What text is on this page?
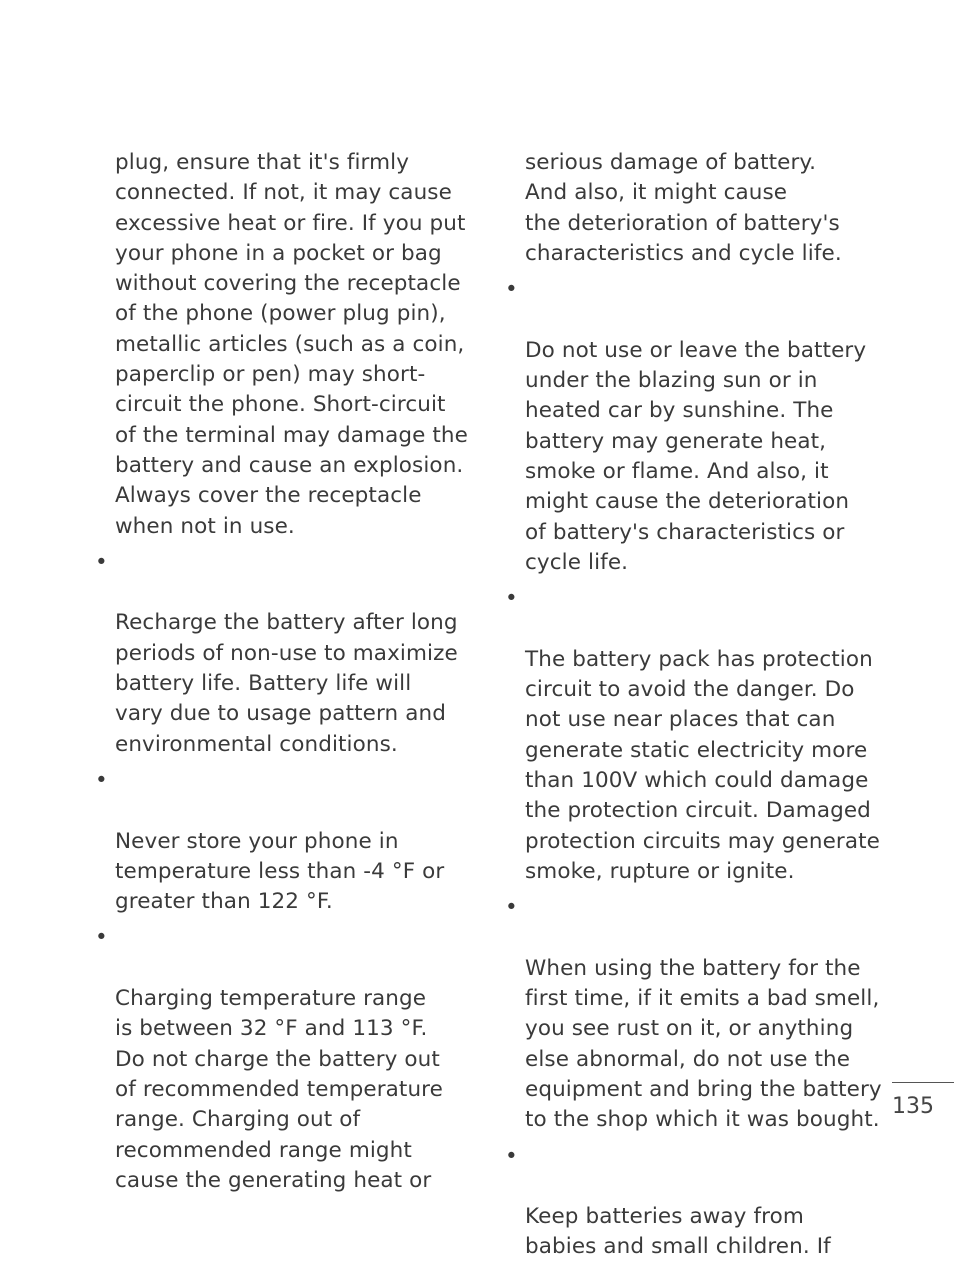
plug, ensure that it's firmly
connected. If not, it may cause
excessive heat or fire. If you put
your phone in a pocket or bag
without covering the receptacle
of the phone (power plug pin),
metallic articles (such as a coin,
paperclip or pen) may short-
circuit the phone. Short-circuit
of the terminal may damage the
battery and cause an explosion.
Always cover the receptacle
when not in use.

•

Recharge the battery after long
periods of non-use to maximize
battery life. Battery life will
vary due to usage pattern and
environmental conditions.

•

Never store your phone in
temperature less than -4 °F or
greater than 122 °F.

•

Charging temperature range
is between 32 °F and 113 °F.
Do not charge the battery out
of recommended temperature
range. Charging out of
recommended range might
cause the generating heat or

serious damage of battery.
And also, it might cause
the deterioration of battery's
characteristics and cycle life.

•

Do not use or leave the battery
under the blazing sun or in
heated car by sunshine. The
battery may generate heat,
smoke or flame. And also, it
might cause the deterioration
of battery's characteristics or
cycle life.

•

The battery pack has protection
circuit to avoid the danger. Do
not use near places that can
generate static electricity more
than 100V which could damage
the protection circuit. Damaged
protection circuits may generate
smoke, rupture or ignite.

•

When using the battery for the
first time, if it emits a bad smell,
you see rust on it, or anything
else abnormal, do not use the
equipment and bring the battery
to the shop which it was bought.

•

Keep batteries away from
babies and small children. If

135
